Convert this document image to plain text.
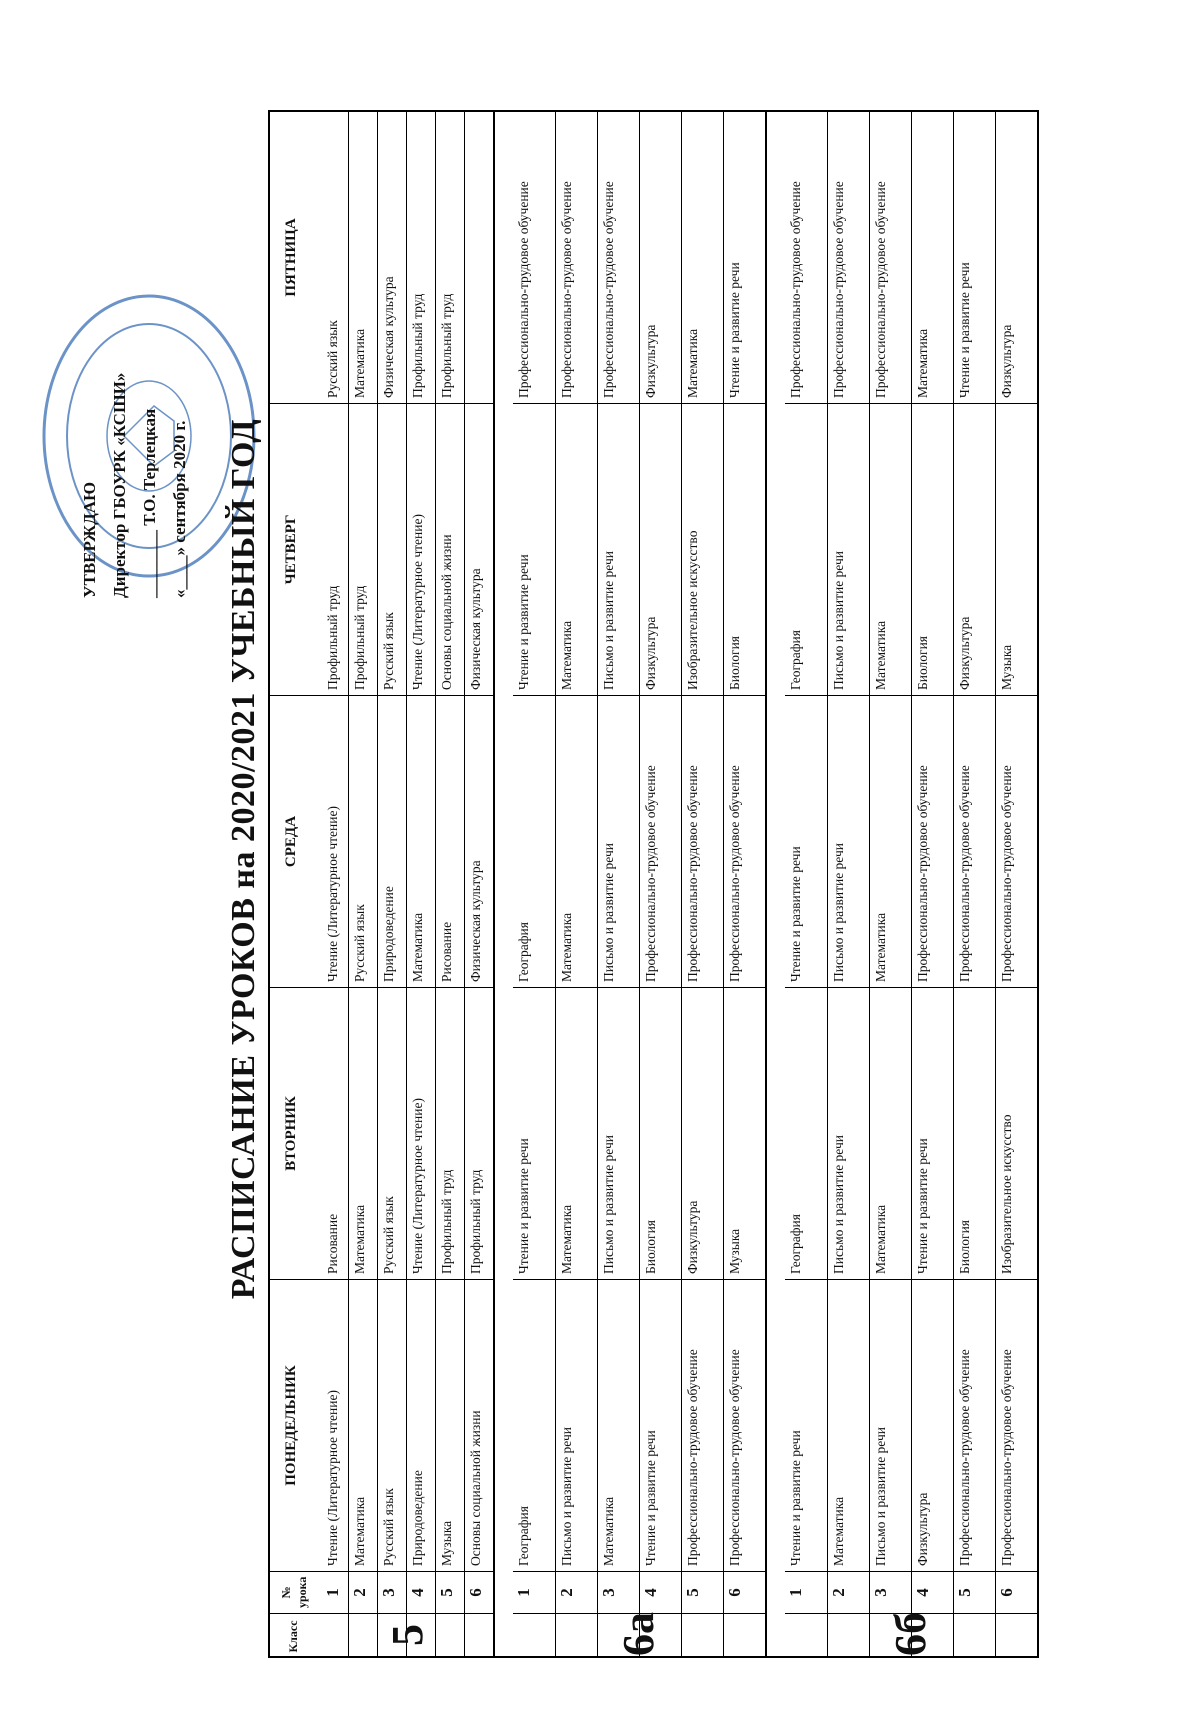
УТВЕРЖДАЮ Директор ГБОУРК «КСШИ» ________ Т.О. Терлецкая «____» сентября 2020 г. РАСПИСАНИЕ УРОКОВ на 2020/2021 УЧЕБНЫЙ ГОД
Класс
№ урока
ПОНЕДЕЛЬНИК
ВТОРНИК
СРЕДА
ЧЕТВЕРГ
ПЯТНИЦА
1
Чтение (Литературное чтение)
Рисование
Чтение (Литературное чтение)
Профильный труд
Русский язык
2
Математика
Математика
Русский язык
Профильный труд
Математика
3
Русский язык
Русский язык
Природоведение
Русский язык
Физическая культура
4
Природоведение
Чтение (Литературное чтение)
Математика
Чтение (Литературное чтение)
Профильный труд
5
Музыка
Профильный труд
Рисование
Основы социальной жизни
Профильный труд
6
Основы социальной жизни
Профильный труд
Физическая культура
Физическая культура
5
1
География
Чтение и развитие речи
География
Чтение и развитие речи
Профессионально-трудовое обучение
2
Письмо и развитие речи
Математика
Математика
Математика
Профессионально-трудовое обучение
3
Математика
Письмо и развитие речи
Письмо и развитие речи
Письмо и развитие речи
Профессионально-трудовое обучение
4
Чтение и развитие речи
Биология
Профессионально-трудовое обучение
Физкультура
Физкультура
5
Профессионально-трудовое обучение
Физкультура
Профессионально-трудовое обучение
Изобразительное искусство
Математика
6
Профессионально-трудовое обучение
Музыка
Профессионально-трудовое обучение
Биология
Чтение и развитие речи
6а
1
Чтение и развитие речи
География
Чтение и развитие речи
География
Профессионально-трудовое обучение
2
Математика
Письмо и развитие речи
Письмо и развитие речи
Письмо и развитие речи
Профессионально-трудовое обучение
3
Письмо и развитие речи
Математика
Математика
Математика
Профессионально-трудовое обучение
4
Физкультура
Чтение и развитие речи
Профессионально-трудовое обучение
Биология
Математика
5
Профессионально-трудовое обучение
Биология
Профессионально-трудовое обучение
Физкультура
Чтение и развитие речи
6
Профессионально-трудовое обучение
Изобразительное искусство
Профессионально-трудовое обучение
Музыка
Физкультура
6б
